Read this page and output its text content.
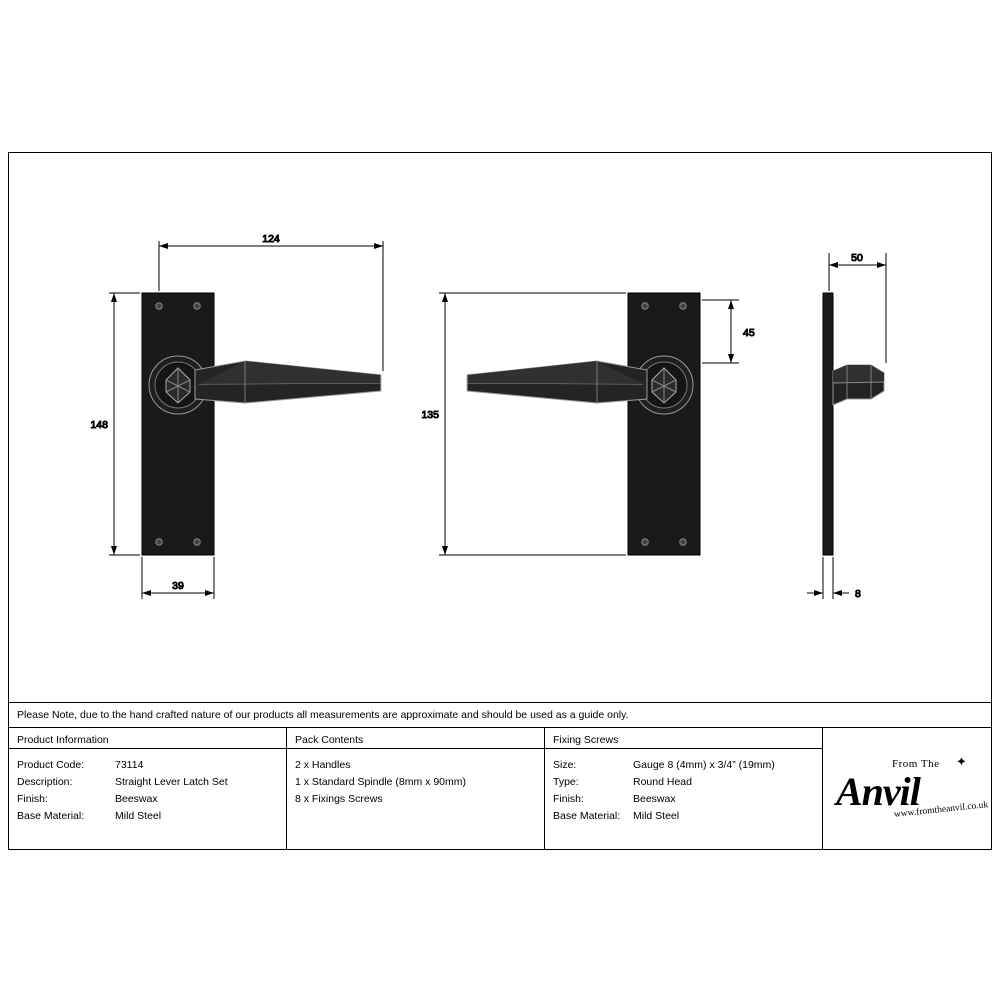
124
148
39
135
45
50
8
Please Note, due to the hand crafted nature of our products all measurements are approximate and should be used as a guide only.
Product Information
Product Code:	73114
Description:	Straight Lever Latch Set
Finish:	Beeswax
Base Material:	Mild Steel
Pack Contents
2 x Handles
1 x Standard Spindle (8mm x 90mm)
8 x Fixings Screws
Fixing Screws
Size:	Gauge 8 (4mm) x 3/4” (19mm)
Type:	Round Head
Finish:	Beeswax
Base Material:	Mild Steel
✦
From The
Anvil
www.fromtheanvil.co.uk
